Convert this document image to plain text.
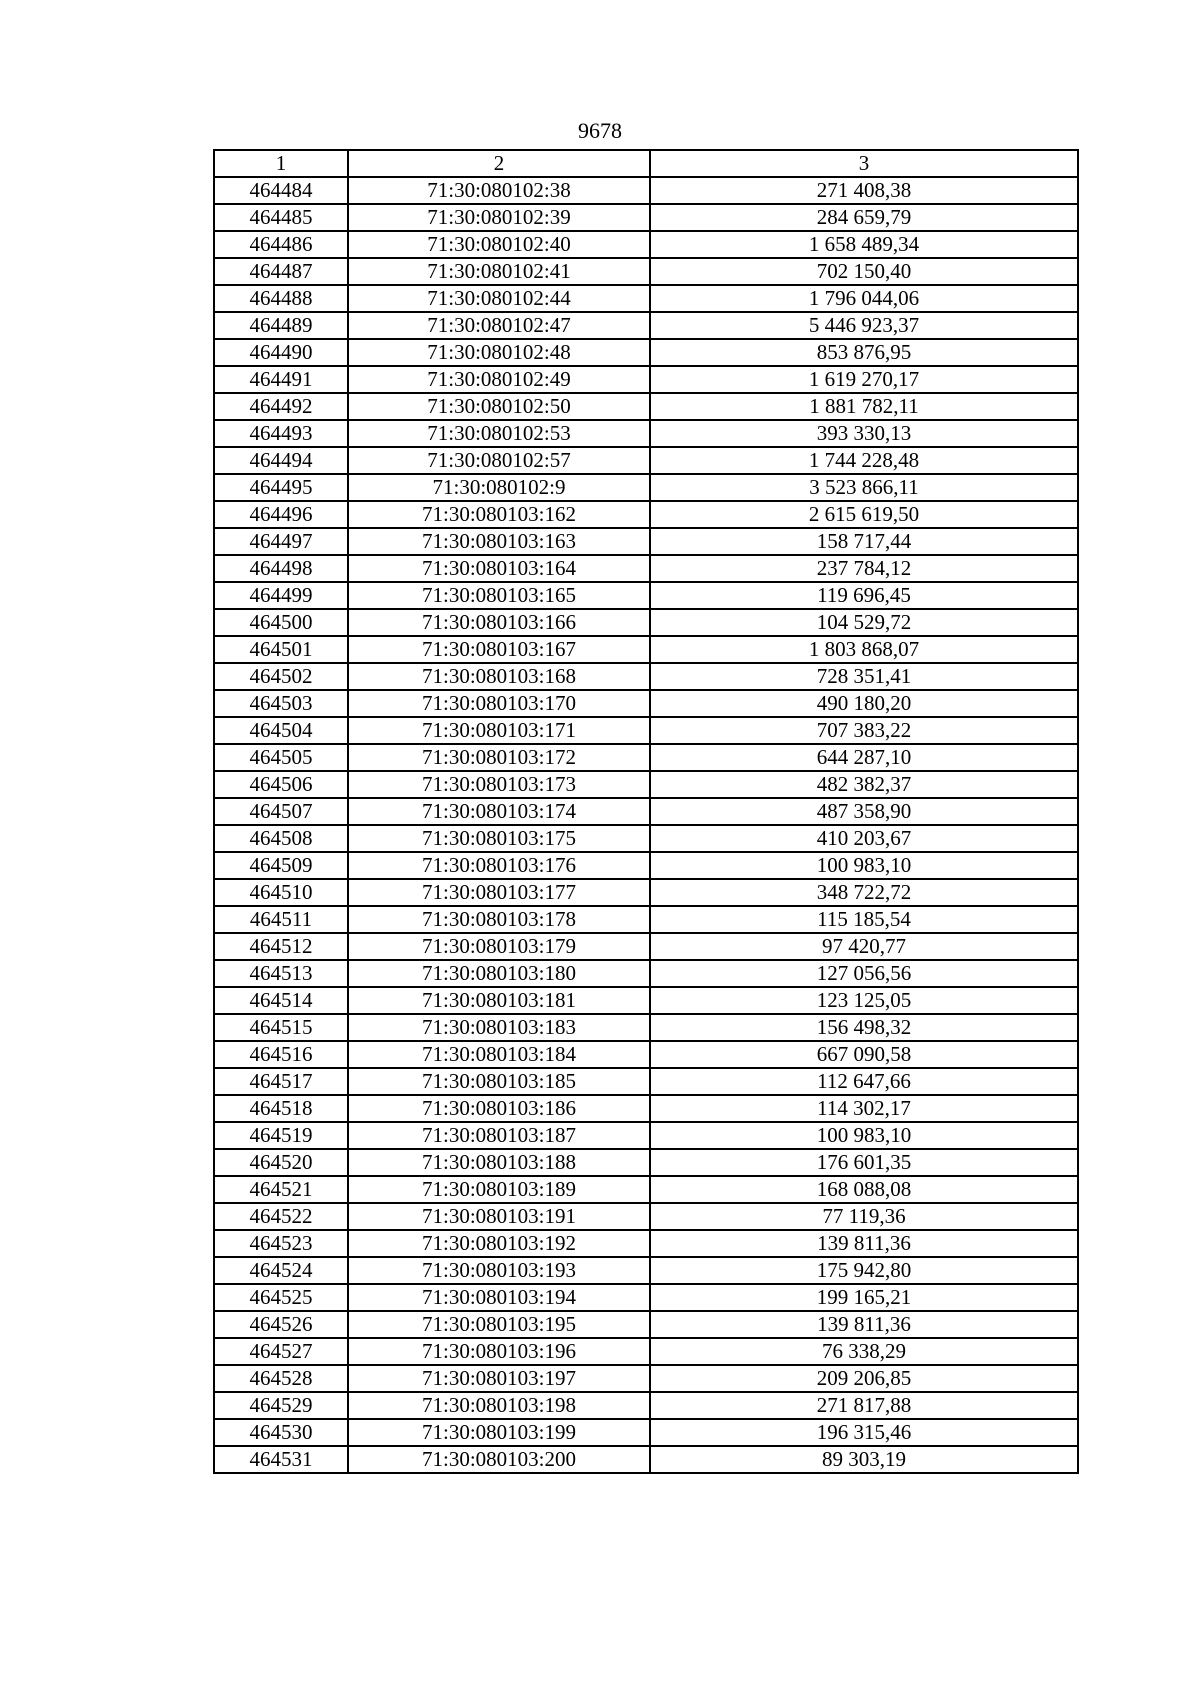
9678
1	2	3
464484	71:30:080102:38	271 408,38
464485	71:30:080102:39	284 659,79
464486	71:30:080102:40	1 658 489,34
464487	71:30:080102:41	702 150,40
464488	71:30:080102:44	1 796 044,06
464489	71:30:080102:47	5 446 923,37
464490	71:30:080102:48	853 876,95
464491	71:30:080102:49	1 619 270,17
464492	71:30:080102:50	1 881 782,11
464493	71:30:080102:53	393 330,13
464494	71:30:080102:57	1 744 228,48
464495	71:30:080102:9	3 523 866,11
464496	71:30:080103:162	2 615 619,50
464497	71:30:080103:163	158 717,44
464498	71:30:080103:164	237 784,12
464499	71:30:080103:165	119 696,45
464500	71:30:080103:166	104 529,72
464501	71:30:080103:167	1 803 868,07
464502	71:30:080103:168	728 351,41
464503	71:30:080103:170	490 180,20
464504	71:30:080103:171	707 383,22
464505	71:30:080103:172	644 287,10
464506	71:30:080103:173	482 382,37
464507	71:30:080103:174	487 358,90
464508	71:30:080103:175	410 203,67
464509	71:30:080103:176	100 983,10
464510	71:30:080103:177	348 722,72
464511	71:30:080103:178	115 185,54
464512	71:30:080103:179	97 420,77
464513	71:30:080103:180	127 056,56
464514	71:30:080103:181	123 125,05
464515	71:30:080103:183	156 498,32
464516	71:30:080103:184	667 090,58
464517	71:30:080103:185	112 647,66
464518	71:30:080103:186	114 302,17
464519	71:30:080103:187	100 983,10
464520	71:30:080103:188	176 601,35
464521	71:30:080103:189	168 088,08
464522	71:30:080103:191	77 119,36
464523	71:30:080103:192	139 811,36
464524	71:30:080103:193	175 942,80
464525	71:30:080103:194	199 165,21
464526	71:30:080103:195	139 811,36
464527	71:30:080103:196	76 338,29
464528	71:30:080103:197	209 206,85
464529	71:30:080103:198	271 817,88
464530	71:30:080103:199	196 315,46
464531	71:30:080103:200	89 303,19
